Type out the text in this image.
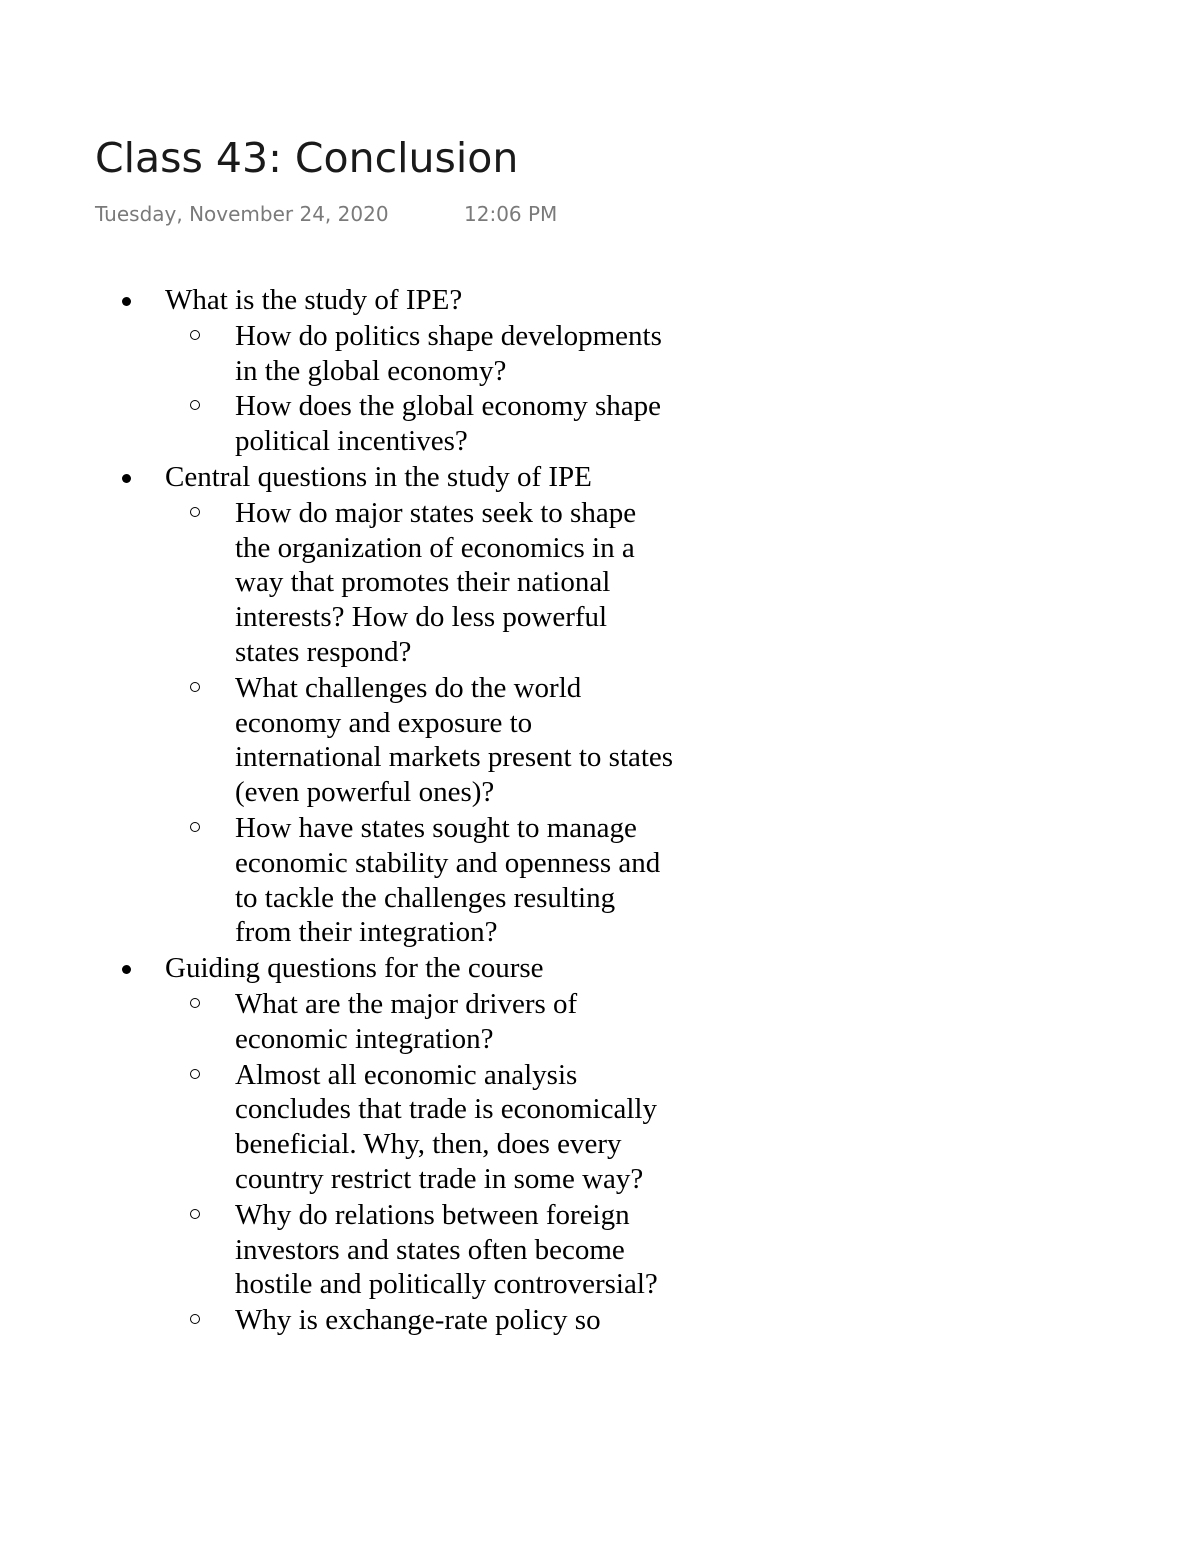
Class 43: Conclusion
Tuesday, November 24, 2020	12:06 PM
What is the study of IPE?
How do politics shape developments in the global economy?
How does the global economy shape political incentives?
Central questions in the study of IPE
How do major states seek to shape the organization of economics in a way that promotes their national interests? How do less powerful states respond?
What challenges do the world economy and exposure to international markets present to states (even powerful ones)?
How have states sought to manage economic stability and openness and to tackle the challenges resulting from their integration?
Guiding questions for the course
What are the major drivers of economic integration?
Almost all economic analysis concludes that trade is economically beneficial. Why, then, does every country restrict trade in some way?
Why do relations between foreign investors and states often become hostile and politically controversial?
Why is exchange-rate policy so
